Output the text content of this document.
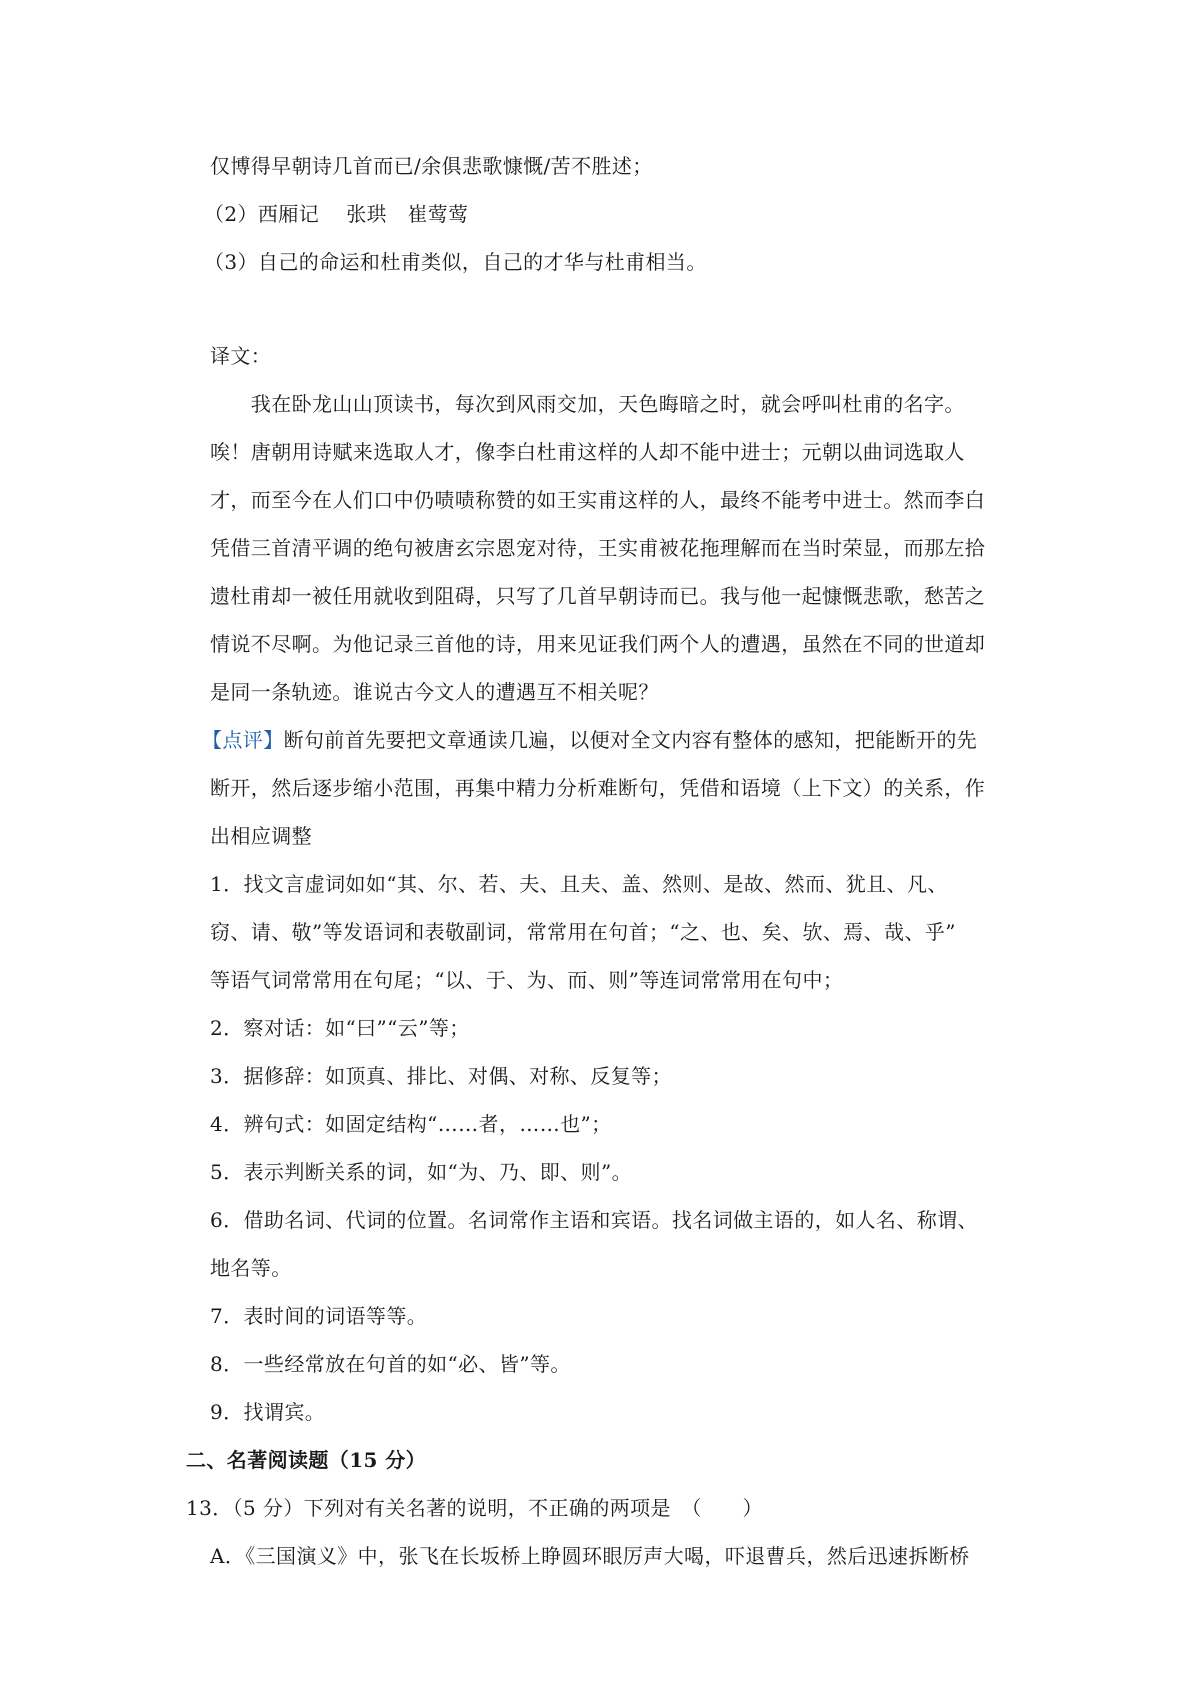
仅博得早朝诗几首而已/余俱悲歌慷慨/苦不胜述；
（2）西厢记　 张珙　崔莺莺
（3）自己的命运和杜甫类似，自己的才华与杜甫相当。
译文：
　　我在卧龙山山顶读书，每次到风雨交加，天色晦暗之时，就会呼叫杜甫的名字。
唉！唐朝用诗赋来选取人才，像李白杜甫这样的人却不能中进士；元朝以曲词选取人
才，而至今在人们口中仍啧啧称赞的如王实甫这样的人，最终不能考中进士。然而李白
凭借三首清平调的绝句被唐玄宗恩宠对待，王实甫被花拖理解而在当时荣显，而那左拾
遗杜甫却一被任用就收到阻碍，只写了几首早朝诗而已。我与他一起慷慨悲歌，愁苦之
情说不尽啊。为他记录三首他的诗，用来见证我们两个人的遭遇，虽然在不同的世道却
是同一条轨迹。谁说古今文人的遭遇互不相关呢？
【点评】断句前首先要把文章通读几遍，以便对全文内容有整体的感知，把能断开的先
断开，然后逐步缩小范围，再集中精力分析难断句，凭借和语境（上下文）的关系，作
出相应调整
1．找文言虚词如如“其、尔、若、夫、且夫、盖、然则、是故、然而、犹且、凡、
窃、请、敬”等发语词和表敬副词，常常用在句首；“之、也、矣、欤、焉、哉、乎”
等语气词常常用在句尾；“以、于、为、而、则”等连词常常用在句中；
2．察对话：如“曰”“云”等；
3．据修辞：如顶真、排比、对偶、对称、反复等；
4．辨句式：如固定结构“……者，……也”；
5．表示判断关系的词，如“为、乃、即、则”。
6．借助名词、代词的位置。名词常作主语和宾语。找名词做主语的，如人名、称谓、
地名等。
7．表时间的词语等等。
8．一些经常放在句首的如“必、皆”等。
9．找谓宾。
二、名著阅读题（15 分）
13．（5 分）下列对有关名著的说明，不正确的两项是　（　　）
A．《三国演义》中，张飞在长坂桥上睁圆环眼厉声大喝，吓退曹兵，然后迅速拆断桥
